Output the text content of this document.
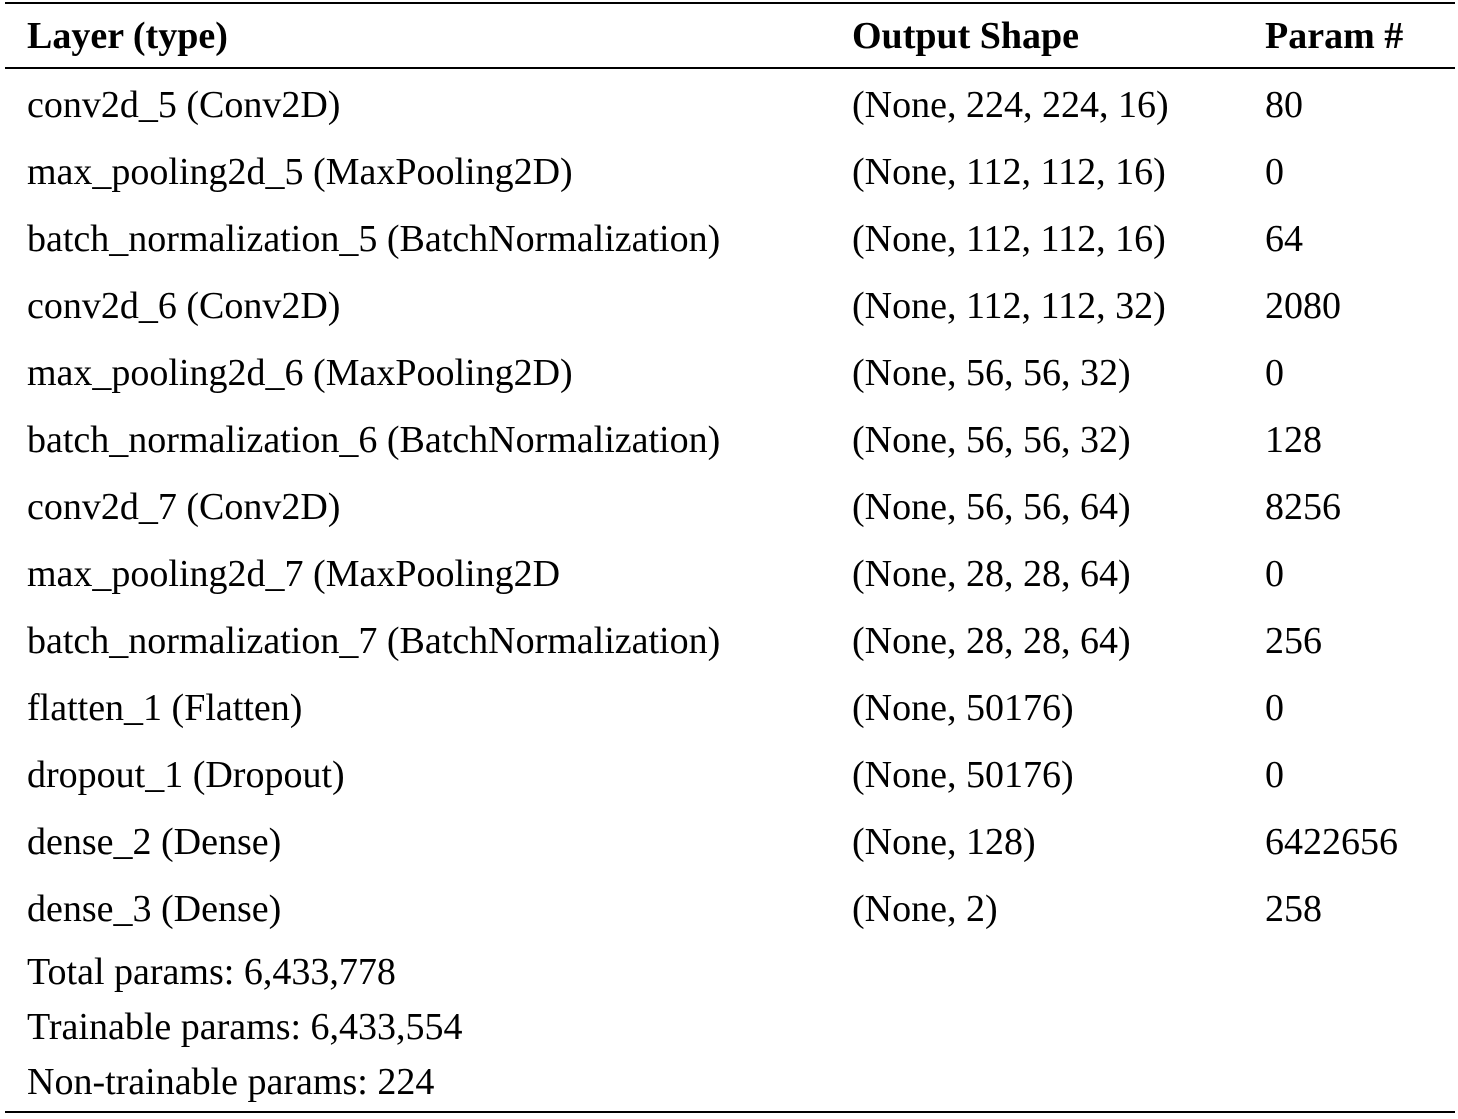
Layer (type)	Output Shape	Param #
conv2d_5 (Conv2D)	(None, 224, 224, 16)	80
max_pooling2d_5 (MaxPooling2D)	(None, 112, 112, 16)	0
batch_normalization_5 (BatchNormalization)	(None, 112, 112, 16)	64
conv2d_6 (Conv2D)	(None, 112, 112, 32)	2080
max_pooling2d_6 (MaxPooling2D)	(None, 56, 56, 32)	0
batch_normalization_6 (BatchNormalization)	(None, 56, 56, 32)	128
conv2d_7 (Conv2D)	(None, 56, 56, 64)	8256
max_pooling2d_7 (MaxPooling2D	(None, 28, 28, 64)	0
batch_normalization_7 (BatchNormalization)	(None, 28, 28, 64)	256
flatten_1 (Flatten)	(None, 50176)	0
dropout_1 (Dropout)	(None, 50176)	0
dense_2 (Dense)	(None, 128)	6422656
dense_3 (Dense)	(None, 2)	258
Total params: 6,433,778
Trainable params: 6,433,554
Non-trainable params: 224
